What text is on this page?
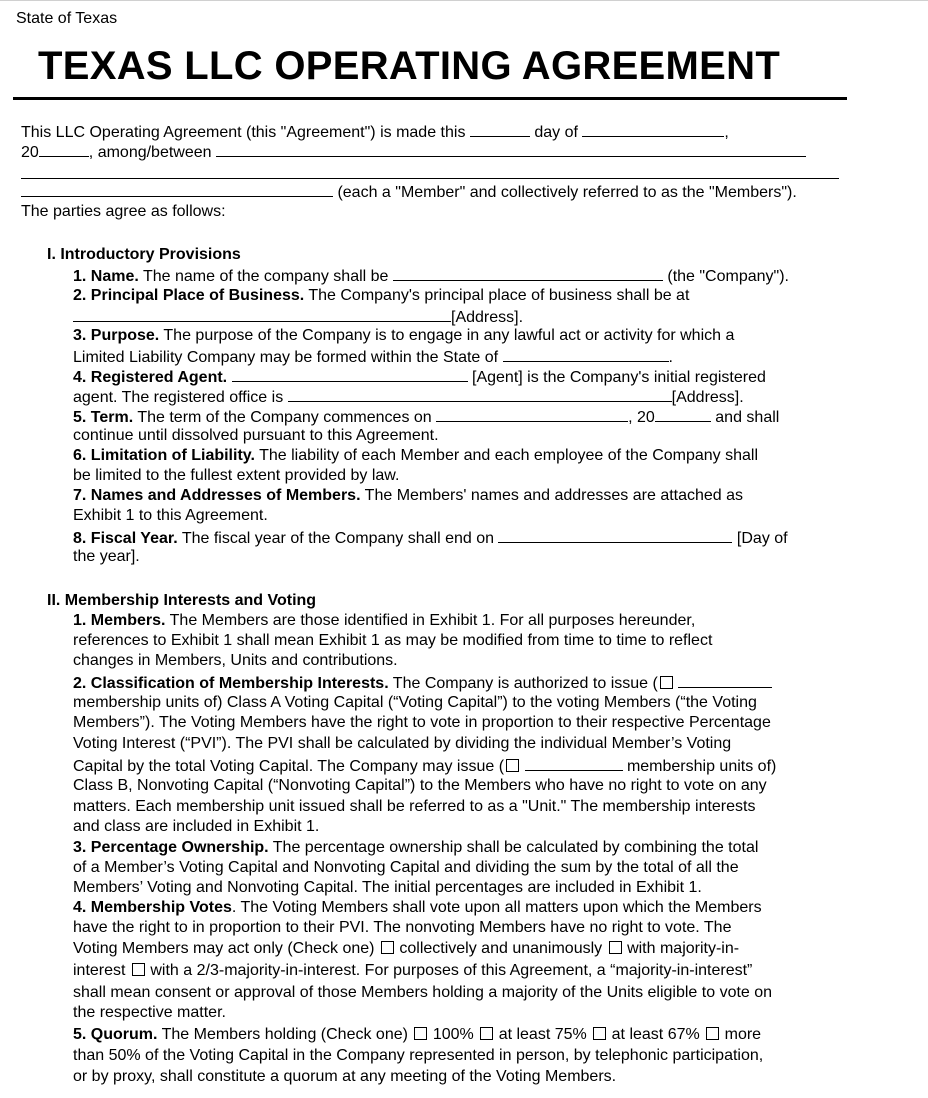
State of Texas
TEXAS LLC OPERATING AGREEMENT
This LLC Operating Agreement (this "Agreement") is made this	day of	,
20	, among/between
(each a "Member" and collectively referred to as the "Members").
The parties agree as follows:
I. Introductory Provisions
1. Name. The name of the company shall be	(the "Company").
2. Principal Place of Business. The Company's principal place of business shall be at
[Address].
3. Purpose. The purpose of the Company is to engage in any lawful act or activity for which a
Limited Liability Company may be formed within the State of	.
4. Registered Agent.	[Agent] is the Company's initial registered
agent. The registered office is	[Address].
5. Term. The term of the Company commences on	, 20	and shall
continue until dissolved pursuant to this Agreement.
6. Limitation of Liability. The liability of each Member and each employee of the Company shall
be limited to the fullest extent provided by law.
7. Names and Addresses of Members. The Members' names and addresses are attached as
Exhibit 1 to this Agreement.
8. Fiscal Year. The fiscal year of the Company shall end on	[Day of
the year].
II. Membership Interests and Voting
1. Members. The Members are those identified in Exhibit 1. For all purposes hereunder,
references to Exhibit 1 shall mean Exhibit 1 as may be modified from time to time to reflect
changes in Members, Units and contributions.
2. Classification of Membership Interests. The Company is authorized to issue (
membership units of) Class A Voting Capital (“Voting Capital”) to the voting Members (“the Voting
Members”). The Voting Members have the right to vote in proportion to their respective Percentage
Voting Interest (“PVI”). The PVI shall be calculated by dividing the individual Member’s Voting
Capital by the total Voting Capital. The Company may issue (	membership units of)
Class B, Nonvoting Capital (“Nonvoting Capital”) to the Members who have no right to vote on any
matters. Each membership unit issued shall be referred to as a "Unit." The membership interests
and class are included in Exhibit 1.
3. Percentage Ownership. The percentage ownership shall be calculated by combining the total
of a Member’s Voting Capital and Nonvoting Capital and dividing the sum by the total of all the
Members’ Voting and Nonvoting Capital. The initial percentages are included in Exhibit 1.
4. Membership Votes. The Voting Members shall vote upon all matters upon which the Members
have the right to in proportion to their PVI. The nonvoting Members have no right to vote. The
Voting Members may act only (Check one) collectively and unanimously with majority-in-
interest with a 2/3-majority-in-interest. For purposes of this Agreement, a “majority-in-interest”
shall mean consent or approval of those Members holding a majority of the Units eligible to vote on
the respective matter.
5. Quorum. The Members holding (Check one) 100% at least 75% at least 67% more
than 50% of the Voting Capital in the Company represented in person, by telephonic participation,
or by proxy, shall constitute a quorum at any meeting of the Voting Members.
